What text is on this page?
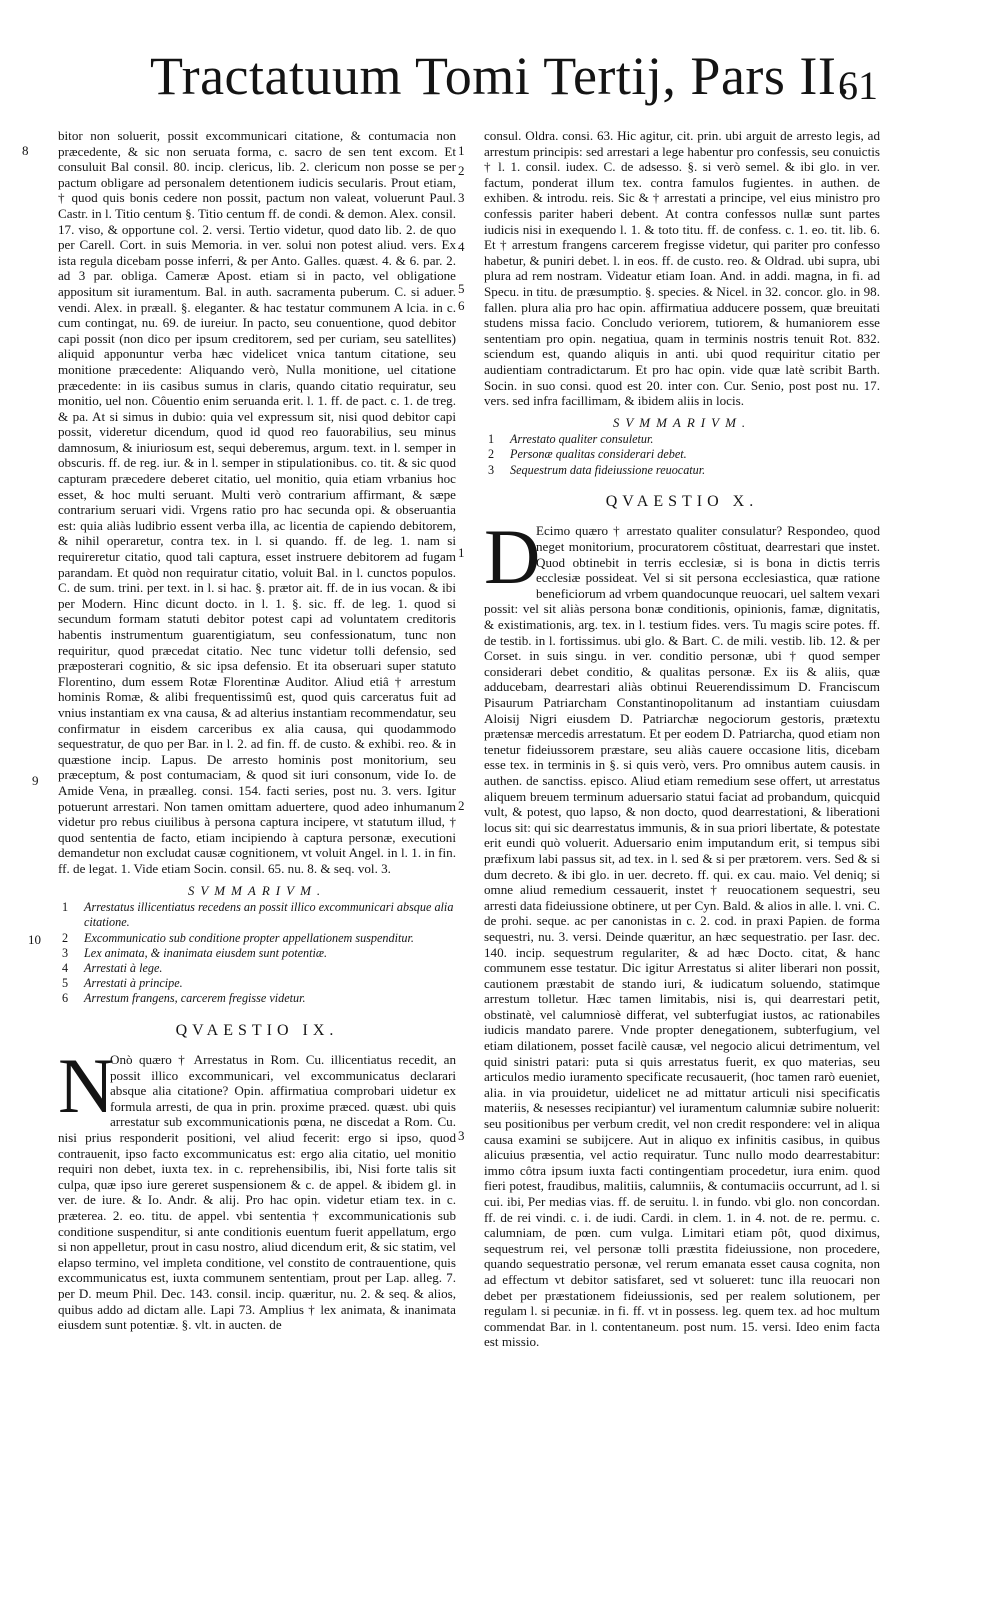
Tractatuum Tomi Tertij, Pars II.
61
8
9
10
1
2
3
4
5
6
1
2
3

bitor non soluerit, possit excommunicari citatione, & contumacia non præcedente, & sic non seruata forma, c. sacro de sen tent excom. Et consuluit Bal consil. 80. incip. clericus, lib. 2. clericum non posse se per pactum obligare ad personalem detentionem iudicis secularis. Prout etiam, † quod quis bonis cedere non possit, pactum non valeat, voluerunt Paul. Castr. in l. Titio centum §. Titio centum ff. de condi. & demon. Alex. consil. 17. viso, & opportune col. 2. versi. Tertio videtur, quod dato lib. 2. de quo per Carell. Cort. in suis Memoria. in ver. solui non potest aliud. vers. Ex ista regula dicebam posse inferri, & per Anto. Galles. quæst. 4. & 6. par. 2. ad 3 par. obliga. Cameræ Apost. etiam si in pacto, vel obligatione appositum sit iuramentum. Bal. in auth. sacramenta puberum. C. si aduer. vendi. Alex. in præall. §. eleganter. & hac testatur communem A lcia. in c. cum contingat, nu. 69. de iureiur. In pacto, seu conuentione, quod debitor capi possit (non dico per ipsum creditorem, sed per curiam, seu satellites) aliquid apponuntur verba hæc videlicet vnica tantum citatione, seu monitione præcedente: Aliquando verò, Nulla monitione, uel citatione præcedente: in iis casibus sumus in claris, quando citatio requiratur, seu monitio, uel non. Côuentio enim seruanda erit. l. 1. ff. de pact. c. 1. de treg. & pa. At si simus in dubio: quia vel expressum sit, nisi quod debitor capi possit, videretur dicendum, quod id quod reo fauorabilius, seu minus damnosum, & iniuriosum est, sequi deberemus, argum. text. in l. semper in obscuris. ff. de reg. iur. & in l. semper in stipulationibus. co. tit. & sic quod capturam præcedere deberet citatio, uel monitio, quia etiam vrbanius hoc esset, & hoc multi seruant. Multi verò contrarium affirmant, & sæpe contrarium seruari vidi. Vrgens ratio pro hac secunda opi. & obseruantia est: quia aliàs ludibrio essent verba illa, ac licentia de capiendo debitorem, & nihil operaretur, contra tex. in l. si quando. ff. de leg. 1. nam si requireretur citatio, quod tali captura, esset instruere debitorem ad fugam parandam. Et quòd non requiratur citatio, voluit Bal. in l. cunctos populos. C. de sum. trini. per text. in l. si hac. §. prætor ait. ff. de in ius vocan. & ibi per Modern. Hinc dicunt docto. in l. 1. §. sic. ff. de leg. 1. quod si secundum formam statuti debitor potest capi ad voluntatem creditoris habentis instrumentum guarentigiatum, seu confessionatum, tunc non requiritur, quod præcedat citatio. Nec tunc videtur tolli defensio, sed præposterari cognitio, & sic ipsa defensio. Et ita obseruari super statuto Florentino, dum essem Rotæ Florentinæ Auditor. Aliud etiâ † arrestum hominis Romæ, & alibi frequentissimû est, quod quis carceratus fuit ad vnius instantiam ex vna causa, & ad alterius instantiam recommendatur, seu confirmatur in eisdem carceribus ex alia causa, qui quodammodo sequestratur, de quo per Bar. in l. 2. ad fin. ff. de custo. & exhibi. reo. & in quæstione incip. Lapus. De arresto hominis post monitorium, seu præceptum, & post contumaciam, & quod sit iuri consonum, vide Io. de Amide Vena, in præalleg. consi. 154. facti series, post nu. 3. vers. Igitur potuerunt arrestari. Non tamen omittam aduertere, quod adeo inhumanum videtur pro rebus ciuilibus à persona captura incipere, vt statutum illud, † quod sententia de facto, etiam incipiendo à captura personæ, executioni demandetur non excludat causæ cognitionem, vt voluit Angel. in l. 1. in fin. ff. de legat. 1. Vide etiam Socin. consil. 65. nu. 8. & seq. vol. 3.

SVMMARIVM.
1 Arrestatus illicentiatus recedens an possit illico excommunicari absque alia citatione.
2 Excommunicatio sub conditione propter appellationem suspenditur.
3 Lex animata, & inanimata eiusdem sunt potentiæ.
4 Arrestati à lege.
5 Arrestati à principe.
6 Arrestum frangens, carcerem fregisse videtur.
QVAESTIO IX.

N
Onò quæro † Arrestatus in Rom. Cu. illicentiatus recedit, an possit illico excommunicari, vel excommunicatus declarari absque alia citatione? Opin. affirmatiua comprobari uidetur ex formula arresti, de qua in prin. proxime præced. quæst. ubi quis arrestatur sub excommunicationis pœna, ne discedat a Rom. Cu. nisi prius responderit positioni, vel aliud fecerit: ergo si ipso, quod contrauenit, ipso facto excommunicatus est: ergo alia citatio, uel monitio requiri non debet, iuxta tex. in c. reprehensibilis, ibi, Nisi forte talis sit culpa, quæ ipso iure gereret suspensionem & c. de appel. & ibidem gl. in ver. de iure. & Io. Andr. & alij. Pro hac opin. videtur etiam tex. in c. præterea. 2. eo. titu. de appel. vbi sententia † excommunicationis sub conditione suspenditur, si ante conditionis euentum fuerit appellatum, ergo si non appelletur, prout in casu nostro, aliud dicendum erit, & sic statim, vel elapso termino, vel impleta conditione, vel constito de contrauentione, quis excommunicatus est, iuxta communem sententiam, prout per Lap. alleg. 7. per D. meum Phil. Dec. 143. consil. incip. quæritur, nu. 2. & seq. & alios, quibus addo ad dictam alle. Lapi 73. Amplius † lex animata, & inanimata eiusdem sunt potentiæ. §. vlt. in aucten. de

consul. Oldra. consi. 63. Hic agitur, cit. prin. ubi arguit de arresto legis, ad arrestum principis: sed arrestari a lege habentur pro confessis, seu conuictis † l. 1. consil. iudex. C. de adsesso. §. si verò semel. & ibi glo. in ver. factum, ponderat illum tex. contra famulos fugientes. in authen. de exhiben. & introdu. reis. Sic & † arrestati a principe, vel eius ministro pro confessis pariter haberi debent. At contra confessos nullæ sunt partes iudicis nisi in exequendo l. 1. & toto titu. ff. de confess. c. 1. eo. tit. lib. 6. Et † arrestum frangens carcerem fregisse videtur, qui pariter pro confesso habetur, & puniri debet. l. in eos. ff. de custo. reo. & Oldrad. ubi supra, ubi plura ad rem nostram. Videatur etiam Ioan. And. in addi. magna, in fi. ad Specu. in titu. de præsumptio. §. species. & Nicel. in 32. concor. glo. in 98. fallen. plura alia pro hac opin. affirmatiua adducere possem, quæ breuitati studens missa facio. Concludo veriorem, tutiorem, & humaniorem esse sententiam pro opin. negatiua, quam in terminis nostris tenuit Rot. 832. sciendum est, quando aliquis in anti. ubi quod requiritur citatio per audientiam contradictarum. Et pro hac opin. vide quæ latè scribit Barth. Socin. in suo consi. quod est 20. inter con. Cur. Senio, post post nu. 17. vers. sed infra facillimam, & ibidem aliis in locis.

SVMMARIVM.
1 Arrestato qualiter consuletur.
2 Personæ qualitas considerari debet.
3 Sequestrum data fideiussione reuocatur.
QVAESTIO X.

D
Ecimo quæro † arrestato qualiter consulatur? Respondeo, quod neget monitorium, procuratorem côstituat, dearrestari que instet. Quod obtinebit in terris ecclesiæ, si is bona in dictis terris ecclesiæ possideat. Vel si sit persona ecclesiastica, quæ ratione beneficiorum ad vrbem quandocunque reuocari, uel saltem vexari possit: vel sit aliàs persona bonæ conditionis, opinionis, famæ, dignitatis, & existimationis, arg. tex. in l. testium fides. vers. Tu magis scire potes. ff. de testib. in l. fortissimus. ubi glo. & Bart. C. de mili. vestib. lib. 12. & per Corset. in suis singu. in ver. conditio personæ, ubi † quod semper considerari debet conditio, & qualitas personæ. Ex iis & aliis, quæ adducebam, dearrestari aliàs obtinui Reuerendissimum D. Franciscum Pisaurum Patriarcham Constantinopolitanum ad instantiam cuiusdam Aloisij Nigri eiusdem D. Patriarchæ negociorum gestoris, prætextu prætensæ mercedis arrestatum. Et per eodem D. Patriarcha, quod etiam non tenetur fideiussorem præstare, seu aliàs cauere occasione litis, dicebam esse tex. in terminis in §. si quis verò, vers. Pro omnibus autem causis. in authen. de sanctiss. episco. Aliud etiam remedium sese offert, ut arrestatus aliquem breuem terminum aduersario statui faciat ad probandum, quicquid vult, & potest, quo lapso, & non docto, quod dearrestationi, & liberationi locus sit: qui sic dearrestatus immunis, & in sua priori libertate, & potestate erit eundi quò voluerit. Aduersario enim imputandum erit, si tempus sibi præfixum labi passus sit, ad tex. in l. sed & si per prætorem. vers. Sed & si dum decreto. & ibi glo. in uer. decreto. ff. qui. ex cau. maio. Vel deniq; si omne aliud remedium cessauerit, instet † reuocationem sequestri, seu arresti data fideiussione obtinere, ut per Cyn. Bald. & alios in alle. l. vni. C. de prohi. seque. ac per canonistas in c. 2. cod. in praxi Papien. de forma sequestri, nu. 3. versi. Deinde quæritur, an hæc sequestratio. per Iasr. dec. 140. incip. sequestrum regulariter, & ad hæc Docto. citat, & hanc communem esse testatur. Dic igitur Arrestatus si aliter liberari non possit, cautionem præstabit de stando iuri, & iudicatum soluendo, statimque arrestum tolletur. Hæc tamen limitabis, nisi is, qui dearrestari petit, obstinatè, vel calumniosè differat, vel subterfugiat iustos, ac rationabiles iudicis mandato parere. Vnde propter denegationem, subterfugium, vel etiam dilationem, posset facilè causæ, vel negocio alicui detrimentum, vel quid sinistri patari: puta si quis arrestatus fuerit, ex quo materias, seu articulos medio iuramento specificate recusauerit, (hoc tamen rarò eueniet, alia. in via prouidetur, uidelicet ne ad mittatur articuli nisi specificatis materiis, & nesesses recipiantur) vel iuramentum calumniæ subire noluerit: seu positionibus per verbum credit, vel non credit respondere: vel in aliqua causa examini se subijcere. Aut in aliquo ex infinitis casibus, in quibus alicuius præsentia, vel actio requiratur. Tunc nullo modo dearrestabitur: immo côtra ipsum iuxta facti contingentiam procedetur, iura enim. quod fieri potest, fraudibus, malitiis, calumniis, & contumaciis occurrunt, ad l. si cui. ibi, Per medias vias. ff. de seruitu. l. in fundo. vbi glo. non concordan. ff. de rei vindi. c. i. de iudi. Cardi. in clem. 1. in 4. not. de re. permu. c. calumniam, de pœn. cum vulga. Limitari etiam pôt, quod diximus, sequestrum rei, vel personæ tolli præstita fideiussione, non procedere, quando sequestratio personæ, vel rerum emanata esset causa cognita, non ad effectum vt debitor satisfaret, sed vt solueret: tunc illa reuocari non debet per præstationem fideiussionis, sed per realem solutionem, per regulam l. si pecuniæ. in fi. ff. vt in possess. leg. quem tex. ad hoc multum commendat Bar. in l. contentaneum. post num. 15. versi. Ideo enim facta est missio.
